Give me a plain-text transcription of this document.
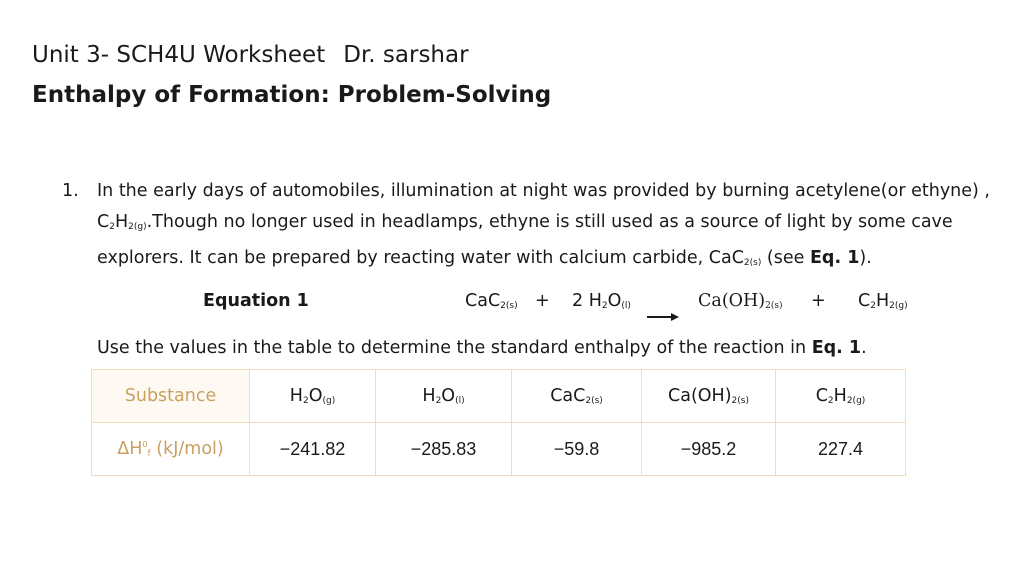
Unit 3- SCH4U Worksheet Dr. sarshar
Enthalpy of Formation: Problem-Solving
1. In the early days of automobiles, illumination at night was provided by burning acetylene(or ethyne) , $C_2H_{2(g)}.Though$ no longer used in headlamps, ethyne is still used as a source of light by some cave explorers. It can be prepared by reacting water with calcium carbide, CaC$_{2(s)}$ (see Eq. 1).
Equation 1	CaC$_{2(s)}$ + 2 $H_2O_{(l)}$	$Ca(OH)_{2(s)} + C_2H_{2(g)}$
Use the values in the table to determine the standard enthalpy of the reaction in Eq. 1.
Substance	$H_2O_{(g)}$	$H_2O_{(l)}$	CaC$_{2(s)}$	$Ca(OH)_{2(s)}$	$C_2H_{2(g)}$
$\Delta H^0_f$ (kJ/mol)	−241.82	−285.83	−59.8	−985.2	227.4
